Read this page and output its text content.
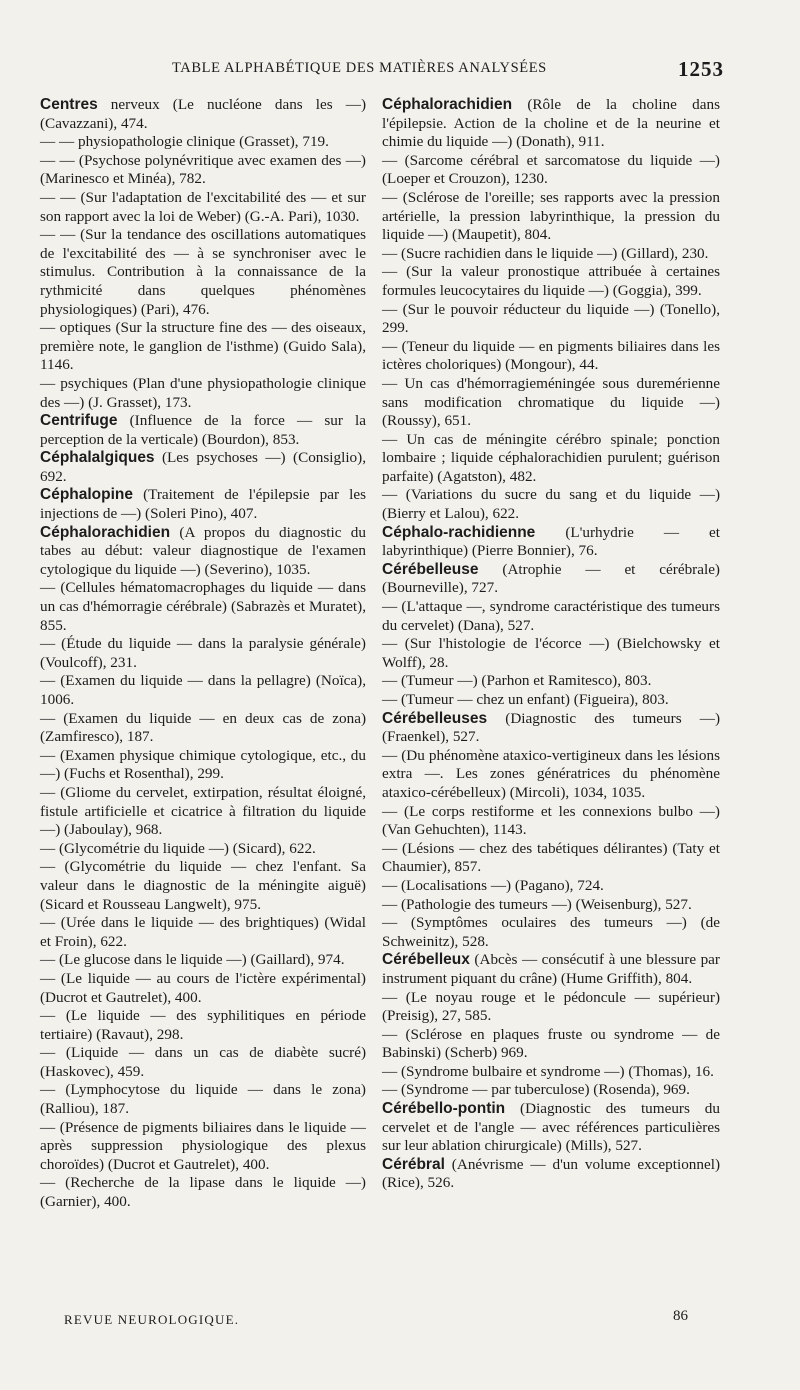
TABLE ALPHABÉTIQUE DES MATIÈRES ANALYSÉES	1253
Centres nerveux (Le nucléone dans les —) (Cavazzani), 474.
— — physiopathologie clinique (Grasset), 719.
— — (Psychose polynévritique avec examen des —) (Marinesco et Minéa), 782.
— — (Sur l'adaptation de l'excitabilité des — et sur son rapport avec la loi de Weber) (G.-A. Pari), 1030.
— — (Sur la tendance des oscillations automatiques de l'excitabilité des — à se synchroniser avec le stimulus. Contribution à la connaissance de la rythmicité dans quelques phénomènes physiologiques) (Pari), 476.
— optiques (Sur la structure fine des — des oiseaux, première note, le ganglion de l'isthme) (Guido Sala), 1146.
— psychiques (Plan d'une physiopathologie clinique des —) (J. Grasset), 173.
Centrifuge (Influence de la force — sur la perception de la verticale) (Bourdon), 853.
Céphalalgiques (Les psychoses —) (Consiglio), 692.
Céphalopine (Traitement de l'épilepsie par les injections de —) (Soleri Pino), 407.
Céphalorachidien (A propos du diagnostic du tabes au début: valeur diagnostique de l'examen cytologique du liquide —) (Severino), 1035.
— (Cellules hématomacrophages du liquide — dans un cas d'hémorragie cérébrale) (Sabrazès et Muratet), 855.
— (Étude du liquide — dans la paralysie générale) (Voulcoff), 231.
— (Examen du liquide — dans la pellagre) (Noïca), 1006.
— (Examen du liquide — en deux cas de zona) (Zamfiresco), 187.
— (Examen physique chimique cytologique, etc., du —) (Fuchs et Rosenthal), 299.
— (Gliome du cervelet, extirpation, résultat éloigné, fistule artificielle et cicatrice à filtration du liquide —) (Jaboulay), 968.
— (Glycométrie du liquide —) (Sicard), 622.
— (Glycométrie du liquide — chez l'enfant. Sa valeur dans le diagnostic de la méningite aiguë) (Sicard et Rousseau Langwelt), 975.
— (Urée dans le liquide — des brightiques) (Widal et Froin), 622.
— (Le glucose dans le liquide —) (Gaillard), 974.
— (Le liquide — au cours de l'ictère expérimental) (Ducrot et Gautrelet), 400.
— (Le liquide — des syphilitiques en période tertiaire) (Ravaut), 298.
— (Liquide — dans un cas de diabète sucré) (Haskovec), 459.
— (Lymphocytose du liquide — dans le zona) (Ralliou), 187.
— (Présence de pigments biliaires dans le liquide — après suppression physiologique des plexus choroïdes) (Ducrot et Gautrelet), 400.
— (Recherche de la lipase dans le liquide —) (Garnier), 400.
Céphalorachidien (Rôle de la choline dans l'épilepsie. Action de la choline et de la neurine et chimie du liquide —) (Donath), 911.
— (Sarcome cérébral et sarcomatose du liquide —) (Loeper et Crouzon), 1230.
— (Sclérose de l'oreille; ses rapports avec la pression artérielle, la pression labyrinthique, la pression du liquide —) (Maupetit), 804.
— (Sucre rachidien dans le liquide —) (Gillard), 230.
— (Sur la valeur pronostique attribuée à certaines formules leucocytaires du liquide —) (Goggia), 399.
— (Sur le pouvoir réducteur du liquide —) (Tonello), 299.
— (Teneur du liquide — en pigments biliaires dans les ictères choloriques) (Mongour), 44.
— Un cas d'hémorragieméningée sous duremérienne sans modification chromatique du liquide —) (Roussy), 651.
— Un cas de méningite cérébro spinale; ponction lombaire ; liquide céphalorachidien purulent; guérison parfaite) (Agatston), 482.
— (Variations du sucre du sang et du liquide —) (Bierry et Lalou), 622.
Céphalo-rachidienne (L'urhydrie — et labyrinthique) (Pierre Bonnier), 76.
Cérébelleuse (Atrophie — et cérébrale) (Bourneville), 727.
— (L'attaque —, syndrome caractéristique des tumeurs du cervelet) (Dana), 527.
— (Sur l'histologie de l'écorce —) (Bielchowsky et Wolff), 28.
— (Tumeur —) (Parhon et Ramitesco), 803.
— (Tumeur — chez un enfant) (Figueira), 803.
Cérébelleuses (Diagnostic des tumeurs —) (Fraenkel), 527.
— (Du phénomène ataxico-vertigineux dans les lésions extra —. Les zones génératrices du phénomène ataxico-cérébelleux) (Mircoli), 1034, 1035.
— (Le corps restiforme et les connexions bulbo —) (Van Gehuchten), 1143.
— (Lésions — chez des tabétiques délirantes) (Taty et Chaumier), 857.
— (Localisations —) (Pagano), 724.
— (Pathologie des tumeurs —) (Weisenburg), 527.
— (Symptômes oculaires des tumeurs —) (de Schweinitz), 528.
Cérébelleux (Abcès — consécutif à une blessure par instrument piquant du crâne) (Hume Griffith), 804.
— (Le noyau rouge et le pédoncule — supérieur) (Preisig), 27, 585.
— (Sclérose en plaques fruste ou syndrome — de Babinski) (Scherb) 969.
— (Syndrome bulbaire et syndrome —) (Thomas), 16.
— (Syndrome — par tuberculose) (Rosenda), 969.
Cérébello-pontin (Diagnostic des tumeurs du cervelet et de l'angle — avec références particulières sur leur ablation chirurgicale) (Mills), 527.
Cérébral (Anévrisme — d'un volume exceptionnel) (Rice), 526.
REVUE NEUROLOGIQUE.	86
